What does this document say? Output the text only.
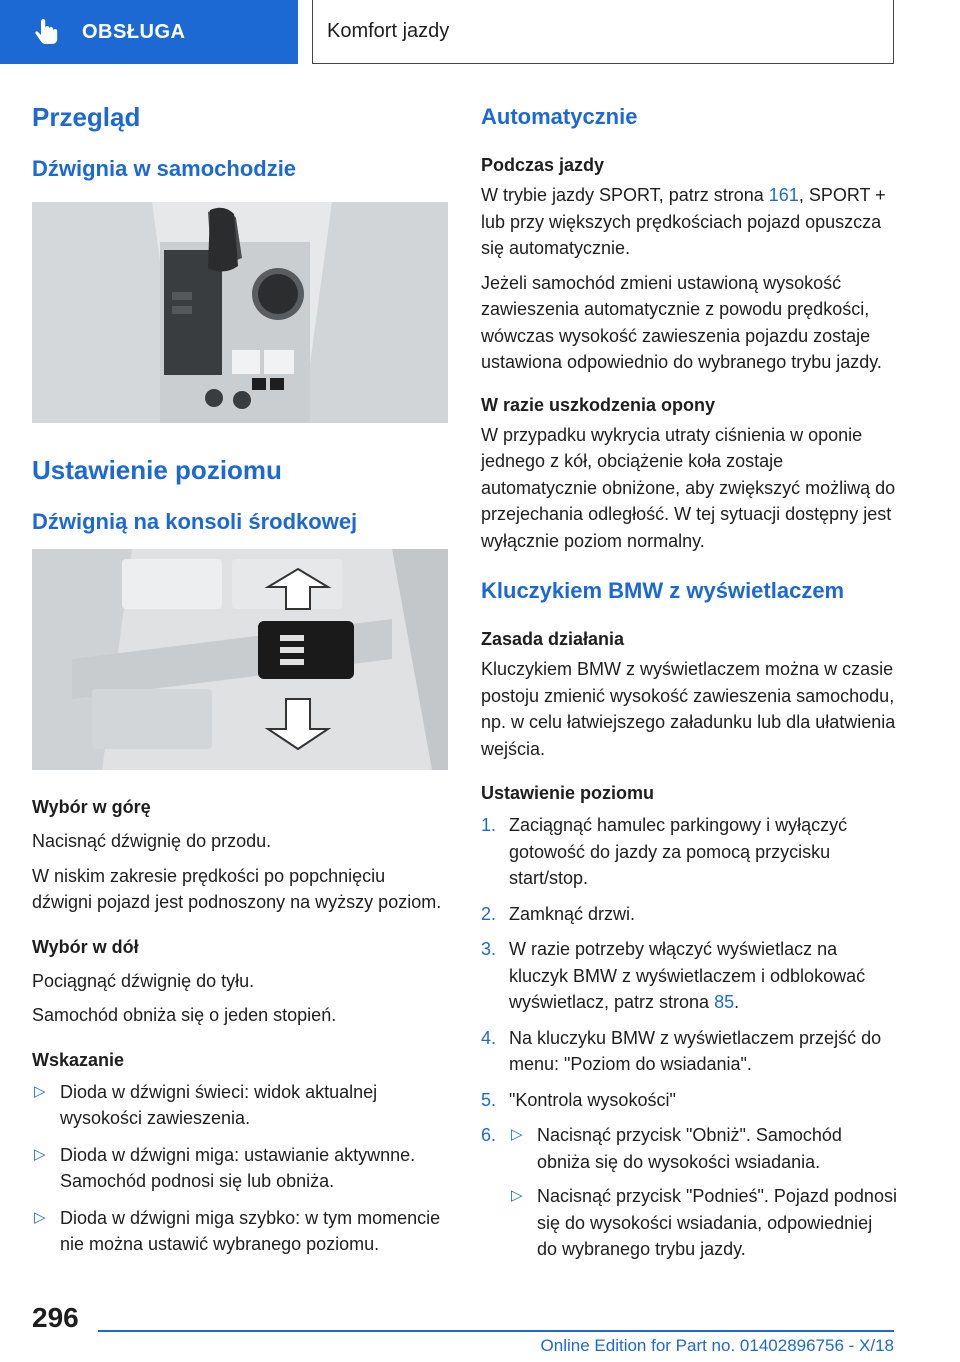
OBSŁUGA	Komfort jazdy
Przegląd
Dźwignia w samochodzie
Ustawienie poziomu
Dźwignią na konsoli środkowej
Wybór w górę

Nacisnąć dźwignię do przodu.

W niskim zakresie prędkości po popchnięciu dźwigni pojazd jest podnoszony na wyższy poziom.

Wybór w dół

Pociągnąć dźwignię do tyłu.

Samochód obniża się o jeden stopień.

Wskazanie
▷ Dioda w dźwigni świeci: widok aktualnej wysokości zawieszenia.
▷ Dioda w dźwigni miga: ustawianie aktywnne. Samochód podnosi się lub obniża.
▷ Dioda w dźwigni miga szybko: w tym momencie nie można ustawić wybranego poziomu.
Automatycznie
Podczas jazdy

W trybie jazdy SPORT, patrz strona 161, SPORT + lub przy większych prędkościach pojazd opuszcza się automatycznie.

Jeżeli samochód zmieni ustawioną wysokość zawieszenia automatycznie z powodu prędkości, wówczas wysokość zawieszenia pojazdu zostaje ustawiona odpowiednio do wybranego trybu jazdy.

W razie uszkodzenia opony

W przypadku wykrycia utraty ciśnienia w oponie jednego z kół, obciążenie koła zostaje automatycznie obniżone, aby zwiększyć możliwą do przejechania odległość. W tej sytuacji dostępny jest wyłącznie poziom normalny.

Kluczykiem BMW z wyświetlaczem
Zasada działania

Kluczykiem BMW z wyświetlaczem można w czasie postoju zmienić wysokość zawieszenia samochodu, np. w celu łatwiejszego załadunku lub dla ułatwienia wejścia.

Ustawienie poziomu
1. Zaciągnąć hamulec parkingowy i wyłączyć gotowość do jazdy za pomocą przycisku start/stop.
2. Zamknąć drzwi.
3. W razie potrzeby włączyć wyświetlacz na kluczyk BMW z wyświetlaczem i odblokować wyświetlacz, patrz strona 85.
4. Na kluczyku BMW z wyświetlaczem przejść do menu: "Poziom do wsiadania".
5. "Kontrola wysokości"
6. ▷ Nacisnąć przycisk "Obniż". Samochód obniża się do wysokości wsiadania.
▷ Nacisnąć przycisk "Podnieś". Pojazd podnosi się do wysokości wsiadania, odpowiedniej do wybranego trybu jazdy.
296
Online Edition for Part no. 01402896756 - X/18
